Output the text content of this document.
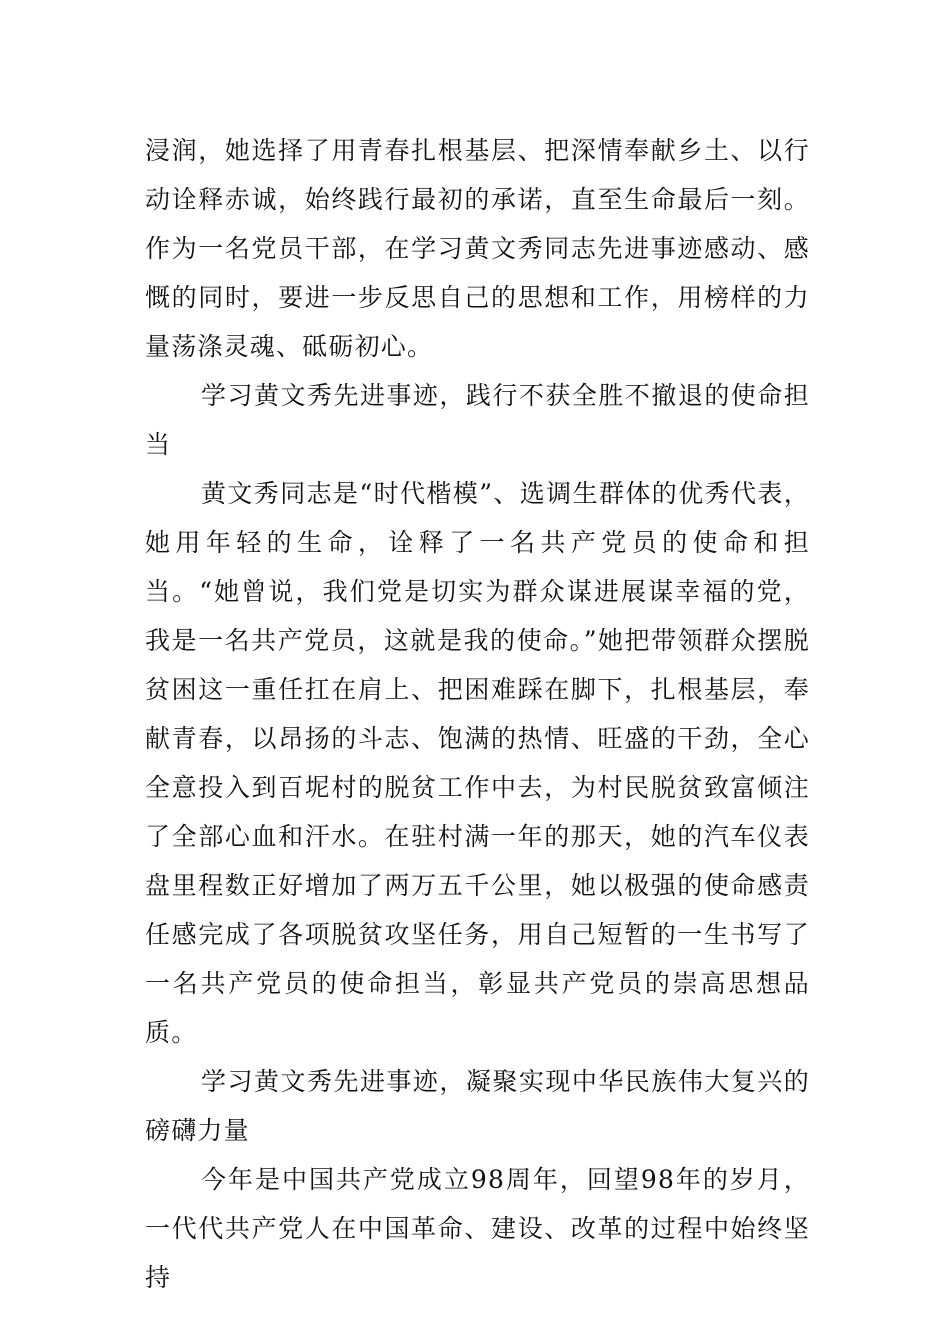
浸润，她选择了用青春扎根基层、把深情奉献乡土、以行动诠释赤诚，始终践行最初的承诺，直至生命最后一刻。作为一名党员干部，在学习黄文秀同志先进事迹感动、感慨的同时，要进一步反思自己的思想和工作，用榜样的力量荡涤灵魂、砥砺初心。

学习黄文秀先进事迹，践行不获全胜不撤退的使命担当

黄文秀同志是“时代楷模”、选调生群体的优秀代表，她用年轻的生命，诠释了一名共产党员的使命和担当。“她曾说，我们党是切实为群众谋进展谋幸福的党，我是一名共产党员，这就是我的使命。”她把带领群众摆脱贫困这一重任扛在肩上、把困难踩在脚下，扎根基层，奉献青春，以昂扬的斗志、饱满的热情、旺盛的干劲，全心全意投入到百坭村的脱贫工作中去，为村民脱贫致富倾注了全部心血和汗水。在驻村满一年的那天，她的汽车仪表盘里程数正好增加了两万五千公里，她以极强的使命感责任感完成了各项脱贫攻坚任务，用自己短暂的一生书写了一名共产党员的使命担当，彰显共产党员的崇高思想品质。

学习黄文秀先进事迹，凝聚实现中华民族伟大复兴的磅礴力量

今年是中国共产党成立98周年，回望98年的岁月，一代代共产党人在中国革命、建设、改革的过程中始终坚持
